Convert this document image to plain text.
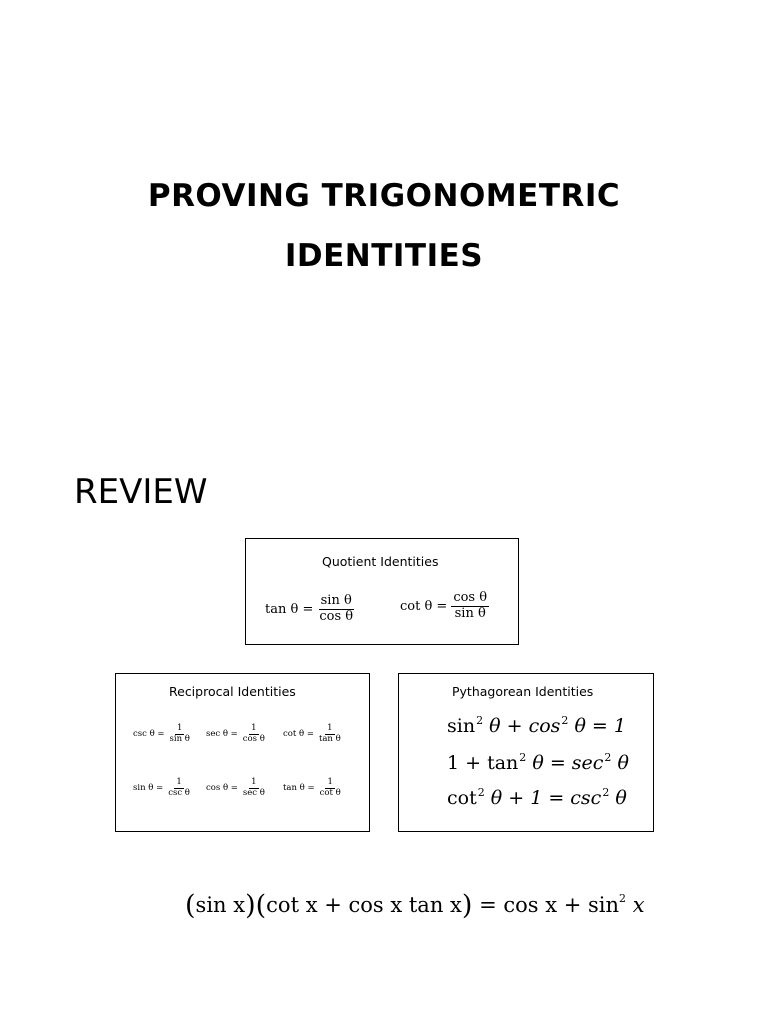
PROVING TRIGONOMETRIC
IDENTITIES
REVIEW
Quotient Identities
$\tan \theta = \frac{\text{sin θ}}{\text{cos θ}}$	$\cot \theta = \frac{\text{cos θ}}{\text{sin θ}}$
Reciprocal Identities
$\csc \theta = \frac{1}{\text{sin θ}}$ $\sec \theta = \frac{1}{\text{cos θ}}$ $\cot \theta = \frac{1}{\text{tan θ}}$
$\sin \theta = \frac{1}{\text{csc θ}}$ $\cos \theta = \frac{1}{\text{sec θ}}$ $\tan \theta = \frac{1}{\text{cot θ}}$
Pythagorean Identities
$\sin^2 \theta + \cos^2 \theta = 1$
$1 + \tan^2 \theta = \sec^2 \theta$
$\cot^2 \theta + 1 = \csc^2 \theta$
(sin x)(cot x + cos x $\tan x) = \cos x + \sin^2 x$
